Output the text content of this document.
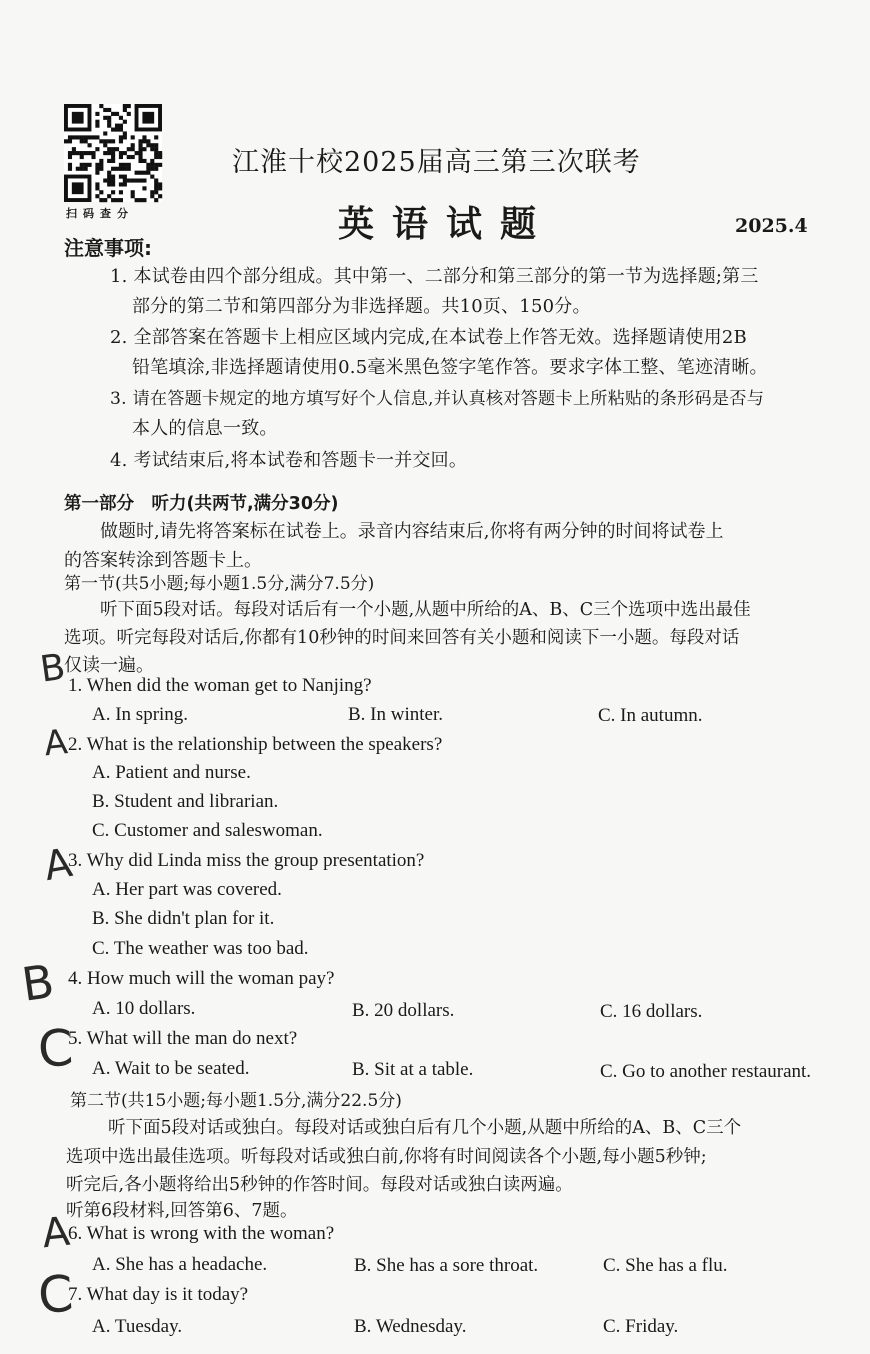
扫码查分
江淮十校2025届高三第三次联考
英语试题	2025.4
注意事项:
1. 本试卷由四个部分组成。其中第一、二部分和第三部分的第一节为选择题;第三
部分的第二节和第四部分为非选择题。共10页、150分。
2. 全部答案在答题卡上相应区域内完成,在本试卷上作答无效。选择题请使用2B
铅笔填涂,非选择题请使用0.5毫米黑色签字笔作答。要求字体工整、笔迹清晰。
3. 请在答题卡规定的地方填写好个人信息,并认真核对答题卡上所粘贴的条形码是否与
本人的信息一致。
4. 考试结束后,将本试卷和答题卡一并交回。
第一部分　听力(共两节,满分30分)
做题时,请先将答案标在试卷上。录音内容结束后,你将有两分钟的时间将试卷上
的答案转涂到答题卡上。
第一节(共5小题;每小题1.5分,满分7.5分)
听下面5段对话。每段对话后有一个小题,从题中所给的A、B、C三个选项中选出最佳
选项。听完每段对话后,你都有10秒钟的时间来回答有关小题和阅读下一小题。每段对话
仅读一遍。
1. When did the woman get to Nanjing?
A. In spring.	B. In winter.	C. In autumn.
2. What is the relationship between the speakers?
A. Patient and nurse.
B. Student and librarian.
C. Customer and saleswoman.
3. Why did Linda miss the group presentation?
A. Her part was covered.
B. She didn't plan for it.
C. The weather was too bad.
4. How much will the woman pay?
A. 10 dollars.	B. 20 dollars.	C. 16 dollars.
5. What will the man do next?
A. Wait to be seated.	B. Sit at a table.	C. Go to another restaurant.
第二节(共15小题;每小题1.5分,满分22.5分)
听下面5段对话或独白。每段对话或独白后有几个小题,从题中所给的A、B、C三个
选项中选出最佳选项。听每段对话或独白前,你将有时间阅读各个小题,每小题5秒钟;
听完后,各小题将给出5秒钟的作答时间。每段对话或独白读两遍。
听第6段材料,回答第6、7题。
6. What is wrong with the woman?
A. She has a headache.	B. She has a sore throat.	C. She has a flu.
7. What day is it today?
A. Tuesday.	B. Wednesday.	C. Friday.
B
A
A
B
C
A
C
